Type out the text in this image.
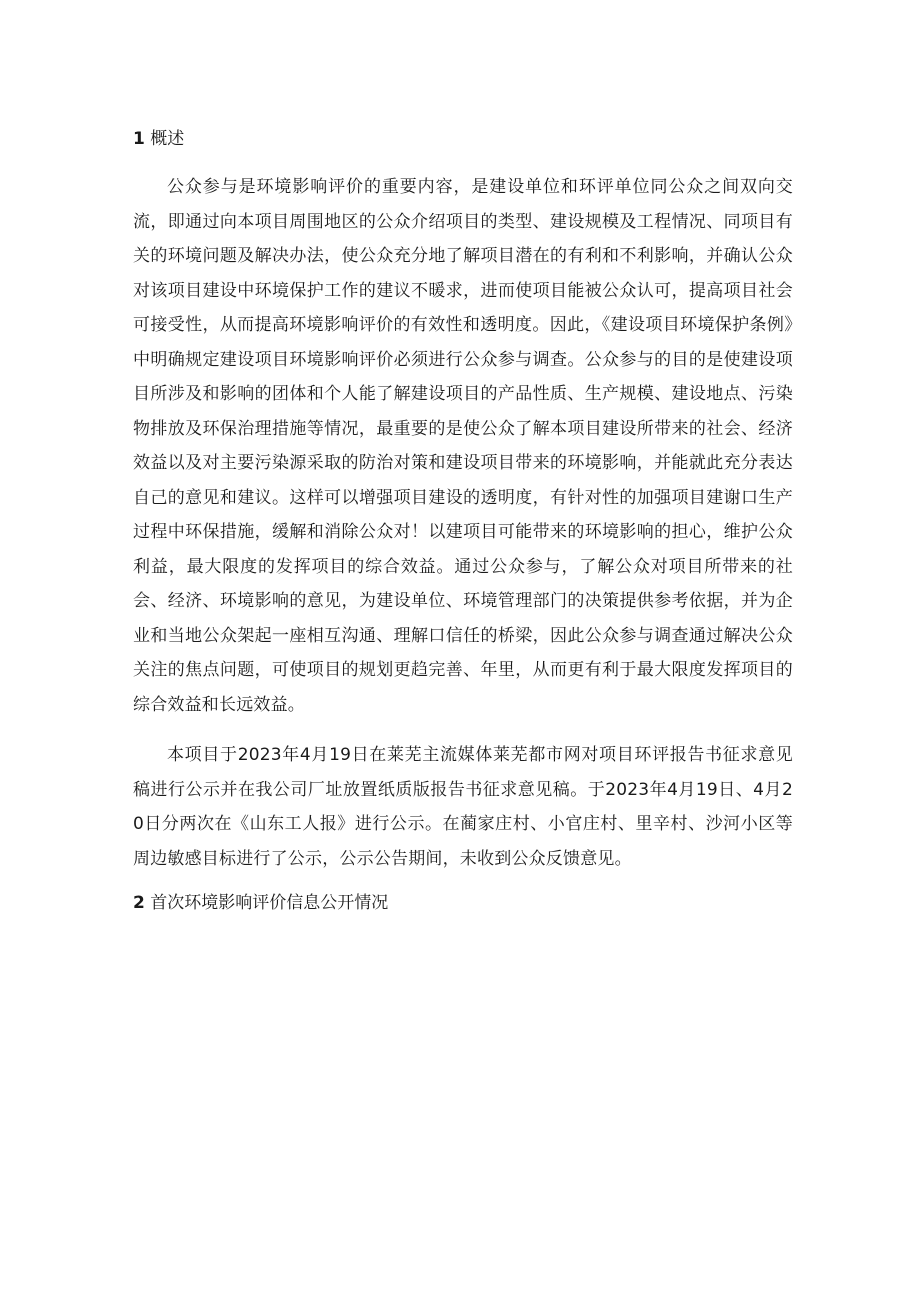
1 概述

公众参与是环境影响评价的重要内容，是建设单位和环评单位同公众之间双向交流，即通过向本项目周围地区的公众介绍项目的类型、建设规模及工程情况、同项目有关的环境问题及解决办法，使公众充分地了解项目潜在的有利和不利影响，并确认公众对该项目建设中环境保护工作的建议不暖求，进而使项目能被公众认可，提高项目社会可接受性，从而提高环境影响评价的有效性和透明度。因此，《建设项目环境保护条例》中明确规定建设项目环境影响评价必须进行公众参与调查。公众参与的目的是使建设项目所涉及和影响的团体和个人能了解建设项目的产品性质、生产规模、建设地点、污染物排放及环保治理措施等情况，最重要的是使公众了解本项目建设所带来的社会、经济效益以及对主要污染源采取的防治对策和建设项目带来的环境影响，并能就此充分表达自己的意见和建议。这样可以增强项目建设的透明度，有针对性的加强项目建谢口生产过程中环保措施，缓解和消除公众对！以建项目可能带来的环境影响的担心，维护公众利益，最大限度的发挥项目的综合效益。通过公众参与，了解公众对项目所带来的社会、经济、环境影响的意见，为建设单位、环境管理部门的决策提供参考依据，并为企业和当地公众架起一座相互沟通、理解口信任的桥梁，因此公众参与调查通过解决公众关注的焦点问题，可使项目的规划更趋完善、年里，从而更有利于最大限度发挥项目的综合效益和长远效益。

本项目于2023年4月19日在莱芜主流媒体莱芜都市网对项目环评报告书征求意见稿进行公示并在我公司厂址放置纸质版报告书征求意见稿。于2023年4月19日、4月20日分两次在《山东工人报》进行公示。在蔺家庄村、小官庄村、里辛村、沙河小区等周边敏感目标进行了公示，公示公告期间，未收到公众反馈意见。

2 首次环境影响评价信息公开情况
